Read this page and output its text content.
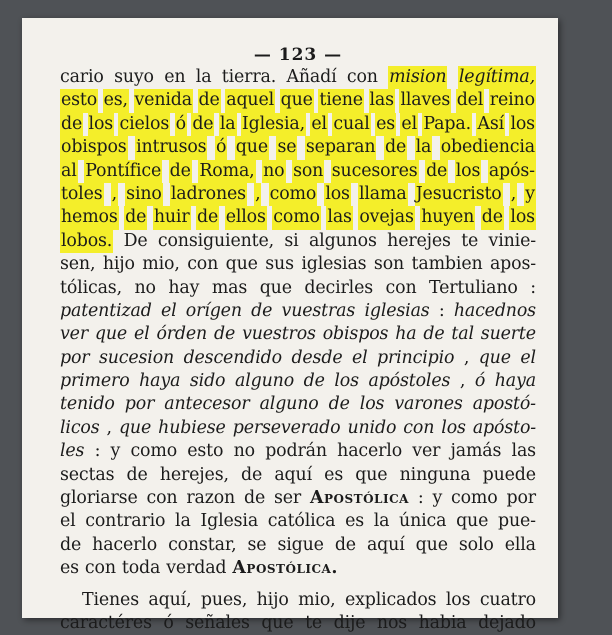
— 123 —
cario suyo en la tierra. Añadí con mision legítima,
esto es, venida de aquel que tiene las llaves del reino
de los cielos ó de la Iglesia, el cual es el Papa. Así los
obispos intrusos ó que se separan de la obediencia
al Pontífice de Roma, no son sucesores de los após-
toles , sino ladrones , como los llama Jesucristo , y
hemos de huir de ellos como las ovejas huyen de los
lobos. De consiguiente, si algunos herejes te vinie-
sen, hijo mio, con que sus iglesias son tambien apos-
tólicas, no hay mas que decirles con Tertuliano :
patentizad el orígen de vuestras iglesias : hacednos
ver que el órden de vuestros obispos ha de tal suerte
por sucesion descendido desde el principio , que el
primero haya sido alguno de los apóstoles , ó haya
tenido por antecesor alguno de los varones apostó-
licos , que hubiese perseverado unido con los apósto-
les : y como esto no podrán hacerlo ver jamás las
sectas de herejes, de aquí es que ninguna puede
gloriarse con razon de ser Apostólica : y como por
el contrario la Iglesia católica es la única que pue-
de hacerlo constar, se sigue de aquí que solo ella
es con toda verdad Apostólica.
Tienes aquí, pues, hijo mio, explicados los cuatro
caractéres ó señales que te dije nos habia dejado
